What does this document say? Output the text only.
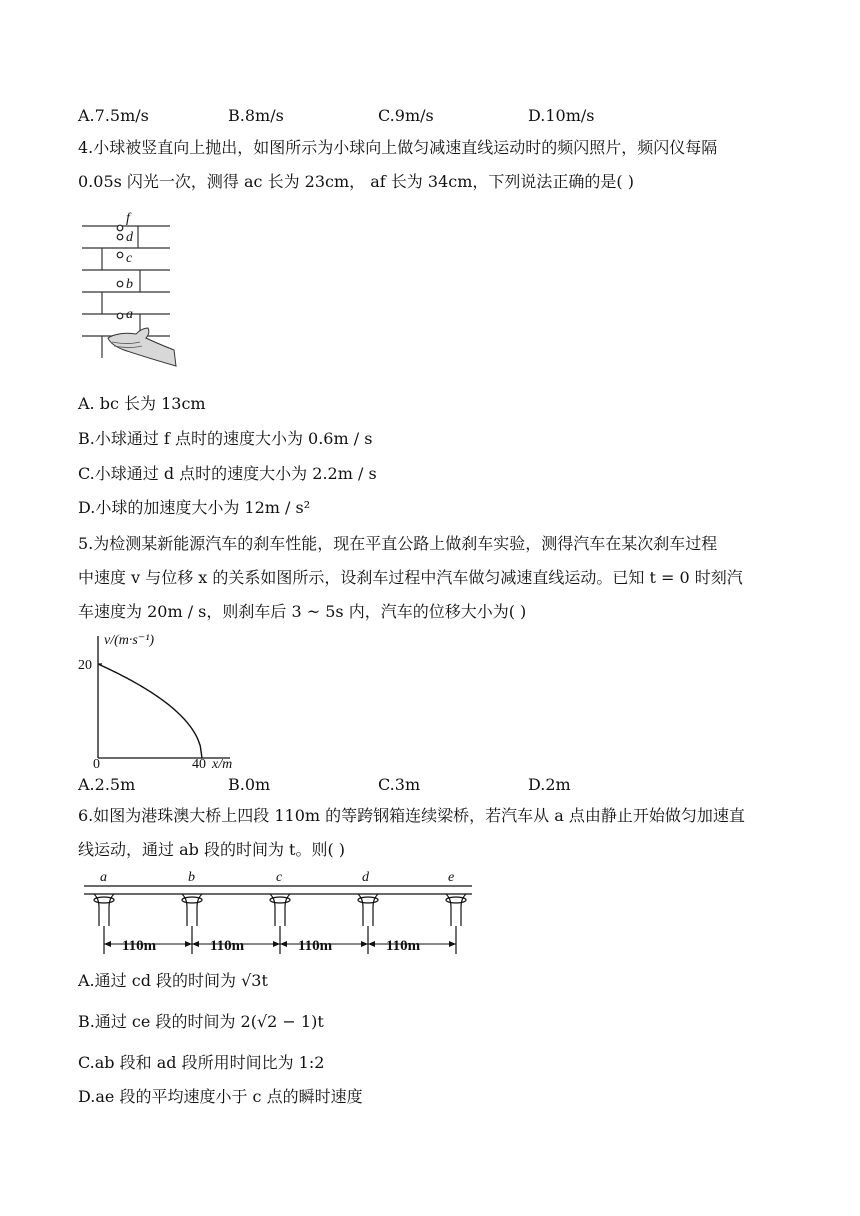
A.7.5m/s	B.8m/s	C.9m/s	D.10m/s
4.小球被竖直向上抛出，如图所示为小球向上做匀减速直线运动时的频闪照片，频闪仪每隔
0.05s 闪光一次，测得 ac 长为 23cm， af 长为 34cm，下列说法正确的是( )
f
d
c
b
a
A. bc 长为 13cm
B.小球通过 f 点时的速度大小为 0.6m / s
C.小球通过 d 点时的速度大小为 2.2m / s
D.小球的加速度大小为 12m / s²
5.为检测某新能源汽车的刹车性能，现在平直公路上做刹车实验，测得汽车在某次刹车过程
中速度 v 与位移 x 的关系如图所示，设刹车过程中汽车做匀减速直线运动。已知 t = 0 时刻汽
车速度为 20m / s，则刹车后 3 ~ 5s 内，汽车的位移大小为( )
v/(m·s⁻¹)
20
0	40 x/m
A.2.5m	B.0m	C.3m	D.2m
6.如图为港珠澳大桥上四段 110m 的等跨钢箱连续梁桥，若汽车从 a 点由静止开始做匀加速直
线运动，通过 ab 段的时间为 t。则( )
a	b	c	d	e
110m	110m	110m	110m
A.通过 cd 段的时间为 √3t
B.通过 ce 段的时间为 2(√2 − 1)t
C.ab 段和 ad 段所用时间比为 1:2
D.ae 段的平均速度小于 c 点的瞬时速度
